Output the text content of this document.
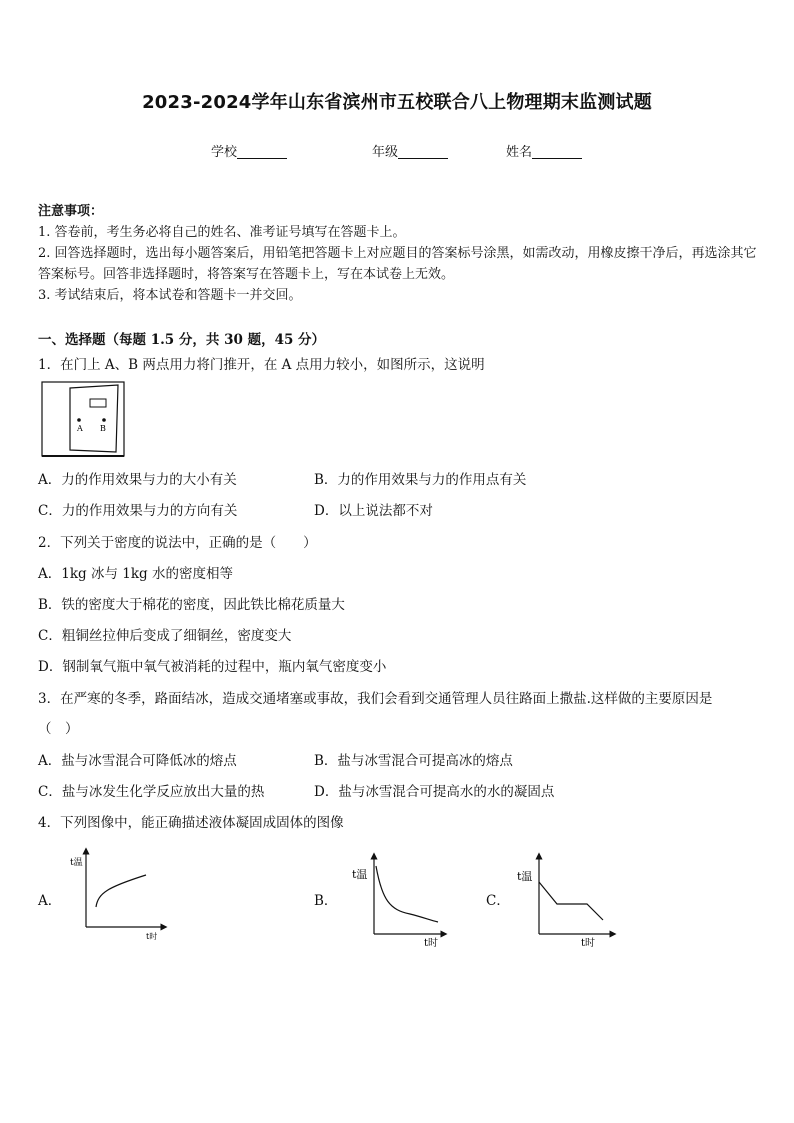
2023-2024学年山东省滨州市五校联合八上物理期末监测试题
学校	年级	姓名
注意事项：
1. 答卷前，考生务必将自己的姓名、准考证号填写在答题卡上。
2. 回答选择题时，选出每小题答案后，用铅笔把答题卡上对应题目的答案标号涂黑，如需改动，用橡皮擦干净后，再选涂其它答案标号。回答非选择题时，将答案写在答题卡上，写在本试卷上无效。
3. 考试结束后，将本试卷和答题卡一并交回。
一、选择题（每题 1.5 分，共 30 题，45 分）
1．在门上 A、B 两点用力将门推开，在 A 点用力较小，如图所示，这说明
A B
A．力的作用效果与力的大小有关	B．力的作用效果与力的作用点有关
C．力的作用效果与力的方向有关	D．以上说法都不对
2．下列关于密度的说法中，正确的是（　　）
A．1kg 冰与 1kg 水的密度相等
B．铁的密度大于棉花的密度，因此铁比棉花质量大
C．粗铜丝拉伸后变成了细铜丝，密度变大
D．钢制氧气瓶中氧气被消耗的过程中，瓶内氧气密度变小
3．在严寒的冬季，路面结冰，造成交通堵塞或事故，我们会看到交通管理人员往路面上撒盐.这样做的主要原因是
（　）
A．盐与冰雪混合可降低冰的熔点	B．盐与冰雪混合可提高冰的熔点
C．盐与冰发生化学反应放出大量的热	D．盐与冰雪混合可提高水的水的凝固点
4．下列图像中，能正确描述液体凝固成固体的图像
A．
t温
t时
B．
t温
t时
C．
t温
t时
